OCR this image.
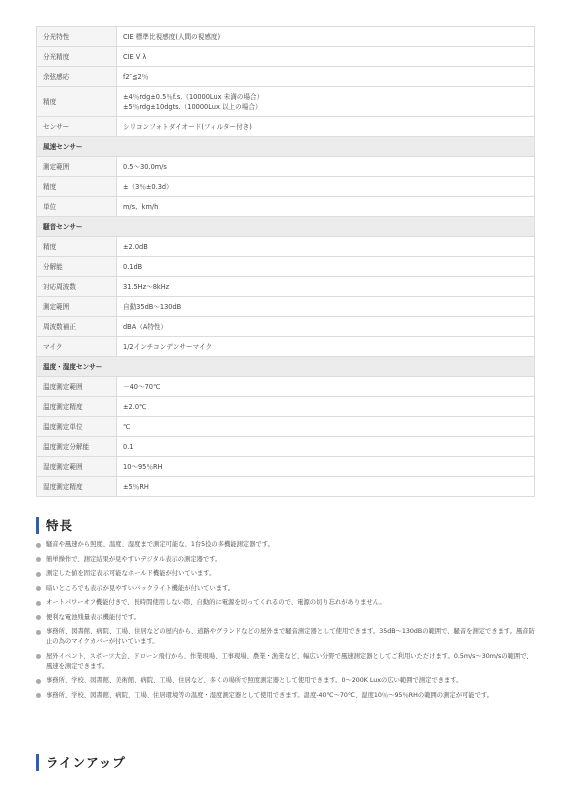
分光特性	CIE 標準比視感度(人間の視感度)

分光精度	CIE V λ

余弦感応	f2″≦2％

精度	±4％rdg±0.5％f.s.（10000Lux 未満の場合）
±5％rdg±10dgts.（10000Lux 以上の場合）

センサー	シリコンフォトダイオード(フィルター付き)

風速センサー	
測定範囲	0.5～30.0m/s

精度	±（3％±0.3d）

単位	m/s、km/h

騒音センサー	
精度	±2.0dB

分解能	0.1dB

対応周波数	31.5Hz～8kHz

測定範囲	自動35dB～130dB

周波数補正	dBA（A特性）

マイク	1/2インチコンデンサーマイク

温度・湿度センサー	
温度測定範囲	－40～70℃

温度測定精度	±2.0℃

温度測定単位	℃

温度測定分解能	0.1

湿度測定範囲	10～95％RH

湿度測定精度	±5％RH
特長
騒音や風速から照度、温度、湿度まで測定可能な、1台5役の多機能測定器です。
簡単操作で、測定結果が見やすいデジタル表示の測定器です。
測定した値を固定表示可能なホールド機能が付いています。
暗いところでも表示が見やすいバックライト機能が付いています。
オートパワーオフ機能付きで、長時間使用しない際、自動的に電源を切ってくれるので、電源の切り忘れがありません。
便利な電池残量表示機能付です。
事務所、図書館、病院、工場、住居などの屋内から、道路やグランドなどの屋外まで騒音測定器として使用できます。35dB～130dBの範囲で、騒音を測定できます。風音防止の為のマイクカバーが付いています。
屋外イベント、スポーツ大会、ドローン飛行から、作業現場、工事現場、農業・漁業など、幅広い分野で風速測定器としてご利用いただけます。0.5m/s～30m/sの範囲で、風速を測定できます。
事務所、学校、図書館、美術館、病院、工場、住居など、多くの場所で照度測定器として使用できます。0～200K Luxの広い範囲で測定できます。
事務所、学校、図書館、病院、工場、住居環境等の温度・湿度測定器として使用できます。温度-40℃～70℃、湿度10％～95％RHの範囲の測定が可能です。
ラインアップ
